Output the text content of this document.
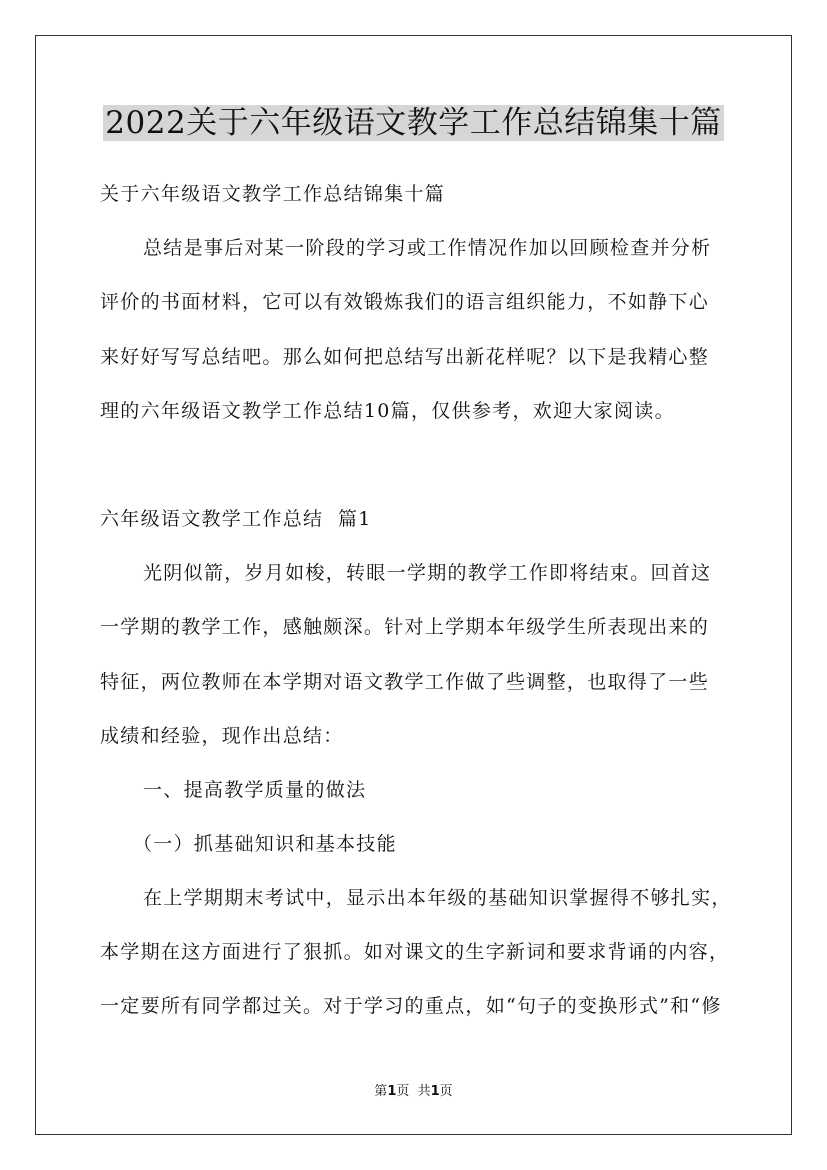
2022关于六年级语文教学工作总结锦集十篇
关于六年级语文教学工作总结锦集十篇
总结是事后对某一阶段的学习或工作情况作加以回顾检查并分析
评价的书面材料，它可以有效锻炼我们的语言组织能力，不如静下心
来好好写写总结吧。那么如何把总结写出新花样呢？以下是我精心整
理的六年级语文教学工作总结10篇，仅供参考，欢迎大家阅读。
六年级语文教学工作总结  篇1
光阴似箭，岁月如梭，转眼一学期的教学工作即将结束。回首这
一学期的教学工作，感触颇深。针对上学期本年级学生所表现出来的
特征，两位教师在本学期对语文教学工作做了些调整，也取得了一些
成绩和经验，现作出总结：
一、提高教学质量的做法
（一）抓基础知识和基本技能
在上学期期末考试中，显示出本年级的基础知识掌握得不够扎实，
本学期在这方面进行了狠抓。如对课文的生字新词和要求背诵的内容，
一定要所有同学都过关。对于学习的重点，如“句子的变换形式”和“修
第1页  共1页
